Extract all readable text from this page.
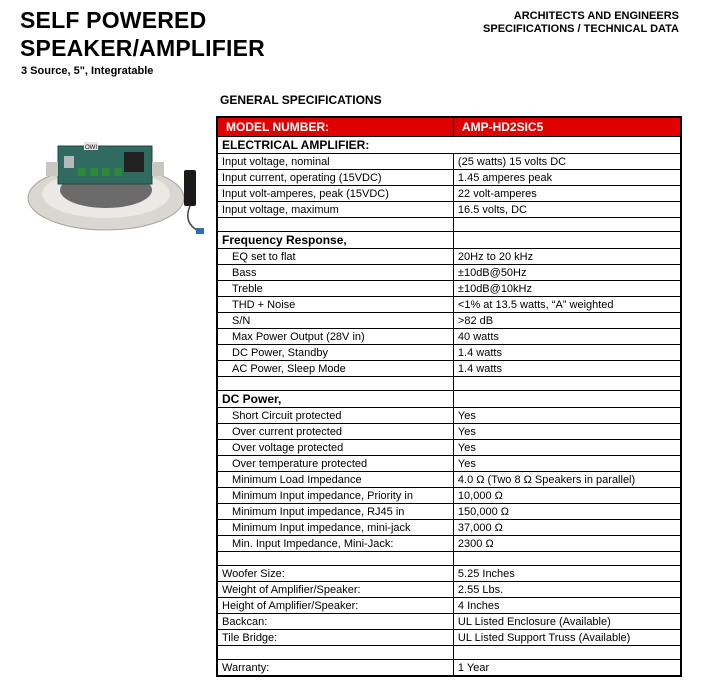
SELF POWERED
SPEAKER/AMPLIFIER
3 Source, 5", Integratable
ARCHITECTS AND ENGINEERS
SPECIFICATIONS / TECHNICAL DATA
GENERAL SPECIFICATIONS
OWI
MODEL NUMBER:	AMP-HD2SIC5
ELECTRICAL AMPLIFIER:	
Input voltage, nominal	(25 watts) 15 volts DC
Input current, operating (15VDC)	1.45 amperes peak
Input volt-amperes, peak (15VDC)	22 volt-amperes
Input voltage, maximum	16.5 volts, DC

Frequency Response,	
EQ set to flat	20Hz to 20 kHz
Bass	±10dB@50Hz
Treble	±10dB@10kHz
THD + Noise	<1% at 13.5 watts, “A” weighted
S/N	>82 dB
Max Power Output (28V in)	40 watts
DC Power, Standby	1.4 watts
AC Power, Sleep Mode	1.4 watts

DC Power,	
Short Circuit protected	Yes
Over current protected	Yes
Over voltage protected	Yes
Over temperature protected	Yes
Minimum Load Impedance	4.0 Ω (Two 8 Ω Speakers in parallel)
Minimum Input impedance, Priority in	10,000 Ω
Minimum Input impedance, RJ45 in	150,000 Ω
Minimum Input impedance, mini-jack	37,000 Ω
Min. Input Impedance, Mini-Jack:	2300 Ω

Woofer Size:	5.25 Inches
Weight of Amplifier/Speaker:	2.55 Lbs.
Height of Amplifier/Speaker:	4 Inches
Backcan:	UL Listed Enclosure (Available)
Tile Bridge:	UL Listed Support Truss (Available)

Warranty:	1 Year
